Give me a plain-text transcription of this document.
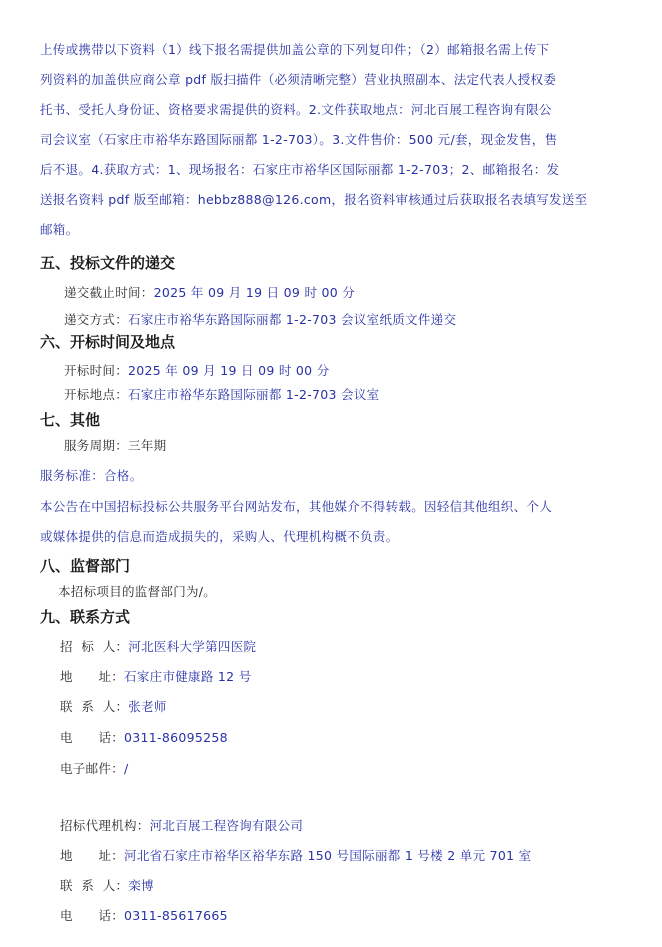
上传或携带以下资料（1）线下报名需提供加盖公章的下列复印件；（2）邮箱报名需上传下
列资料的加盖供应商公章 pdf 版扫描件（必须清晰完整）营业执照副本、法定代表人授权委
托书、受托人身份证、资格要求需提供的资料。2.文件获取地点：河北百展工程咨询有限公
司会议室（石家庄市裕华东路国际丽都 1-2-703）。3.文件售价：500 元/套，现金发售，售
后不退。4.获取方式：1、现场报名：石家庄市裕华区国际丽都 1-2-703；2、邮箱报名：发
送报名资料 pdf 版至邮箱：hebbz888@126.com，报名资料审核通过后获取报名表填写发送至
邮箱。
五、投标文件的递交
递交截止时间：2025 年 09 月 19 日 09 时 00 分
递交方式：石家庄市裕华东路国际丽都 1-2-703 会议室纸质文件递交
六、开标时间及地点
开标时间：2025 年 09 月 19 日 09 时 00 分
开标地点：石家庄市裕华东路国际丽都 1-2-703 会议室
七、其他
服务周期：三年期
服务标准：合格。
本公告在中国招标投标公共服务平台网站发布，其他媒介不得转载。因轻信其他组织、个人
或媒体提供的信息而造成损失的，采购人、代理机构概不负责。
八、监督部门
本招标项目的监督部门为/。
九、联系方式
招  标  人：河北医科大学第四医院
地      址：石家庄市健康路 12 号
联  系  人：张老师
电      话：0311-86095258
电子邮件：/
招标代理机构：河北百展工程咨询有限公司
地      址：河北省石家庄市裕华区裕华东路 150 号国际丽都 1 号楼 2 单元 701 室
联  系  人：栾博
电      话：0311-85617665
